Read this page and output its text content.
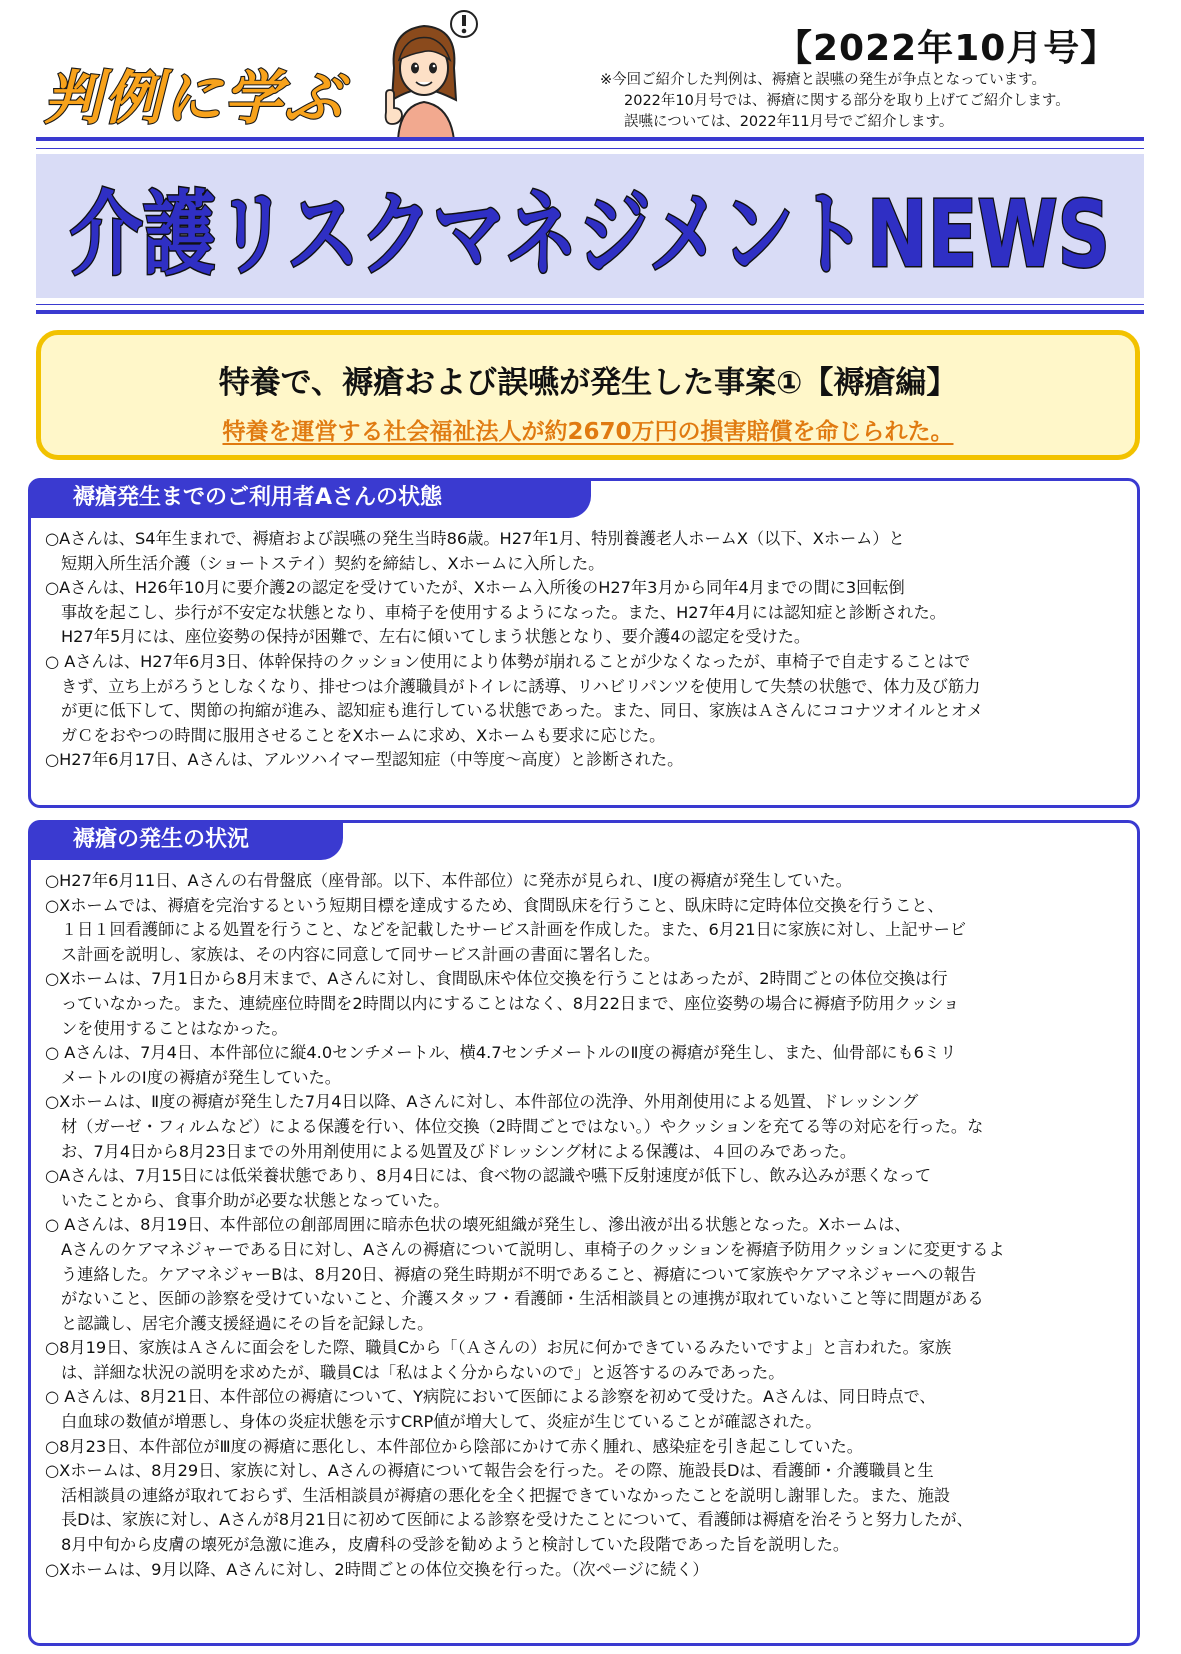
判例に学ぶ
【2022年10月号】
※今回ご紹介した判例は、褥瘡と誤嚥の発生が争点となっています。
2022年10月号では、褥瘡に関する部分を取り上げてご紹介します。
誤嚥については、2022年11月号でご紹介します。
介護リスクマネジメントNEWS
特養で、褥瘡および誤嚥が発生した事案①【褥瘡編】
特養を運営する社会福祉法人が約2670万円の損害賠償を命じられた。
褥瘡発生までのご利用者Aさんの状態
○Aさんは、S4年生まれで、褥瘡および誤嚥の発生当時86歳。H27年1月、特別養護老人ホームX（以下、Xホーム）と
短期入所生活介護（ショートステイ）契約を締結し、Xホームに入所した。
○Aさんは、H26年10月に要介護2の認定を受けていたが、Xホーム入所後のH27年3月から同年4月までの間に3回転倒
事故を起こし、歩行が不安定な状態となり、車椅子を使用するようになった。また、H27年4月には認知症と診断された。
H27年5月には、座位姿勢の保持が困難で、左右に傾いてしまう状態となり、要介護4の認定を受けた。
○ Aさんは、H27年6月3日、体幹保持のクッション使用により体勢が崩れることが少なくなったが、車椅子で自走することはで
きず、立ち上がろうとしなくなり、排せつは介護職員がトイレに誘導、リハビリパンツを使用して失禁の状態で、体力及び筋力
が更に低下して、関節の拘縮が進み、認知症も進行している状態であった。また、同日、家族はＡさんにココナツオイルとオメ
ガＣをおやつの時間に服用させることをXホームに求め、Xホームも要求に応じた。
○H27年6月17日、Aさんは、アルツハイマー型認知症（中等度～高度）と診断された。
褥瘡の発生の状況
○H27年6月11日、Aさんの右骨盤底（座骨部。以下、本件部位）に発赤が見られ、Ⅰ度の褥瘡が発生していた。
○Xホームでは、褥瘡を完治するという短期目標を達成するため、食間臥床を行うこと、臥床時に定時体位交換を行うこと、
１日１回看護師による処置を行うこと、などを記載したサービス計画を作成した。また、6月21日に家族に対し、上記サービ
ス計画を説明し、家族は、その内容に同意して同サービス計画の書面に署名した。
○Xホームは、7月1日から8月末まで、Aさんに対し、食間臥床や体位交換を行うことはあったが、2時間ごとの体位交換は行
っていなかった。また、連続座位時間を2時間以内にすることはなく、8月22日まで、座位姿勢の場合に褥瘡予防用クッショ
ンを使用することはなかった。
○ Aさんは、7月4日、本件部位に縦4.0センチメートル、横4.7センチメートルのⅡ度の褥瘡が発生し、また、仙骨部にも6ミリ
メートルのⅠ度の褥瘡が発生していた。
○Xホームは、Ⅱ度の褥瘡が発生した7月4日以降、Aさんに対し、本件部位の洗浄、外用剤使用による処置、ドレッシング
材（ガーゼ・フィルムなど）による保護を行い、体位交換（2時間ごとではない。）やクッションを充てる等の対応を行った。な
お、7月4日から8月23日までの外用剤使用による処置及びドレッシング材による保護は、４回のみであった。
○Aさんは、7月15日には低栄養状態であり、8月4日には、食べ物の認識や嚥下反射速度が低下し、飲み込みが悪くなって
いたことから、食事介助が必要な状態となっていた。
○ Aさんは、8月19日、本件部位の創部周囲に暗赤色状の壊死組織が発生し、滲出液が出る状態となった。Xホームは、
Aさんのケアマネジャーである日に対し、Aさんの褥瘡について説明し、車椅子のクッションを褥瘡予防用クッションに変更するよ
う連絡した。ケアマネジャーBは、8月20日、褥瘡の発生時期が不明であること、褥瘡について家族やケアマネジャーへの報告
がないこと、医師の診察を受けていないこと、介護スタッフ・看護師・生活相談員との連携が取れていないこと等に問題がある
と認識し、居宅介護支援経過にその旨を記録した。
○8月19日、家族はＡさんに面会をした際、職員Cから「（Ａさんの）お尻に何かできているみたいですよ」と言われた。家族
は、詳細な状況の説明を求めたが、職員Cは「私はよく分からないので」と返答するのみであった。
○ Aさんは、8月21日、本件部位の褥瘡について、Y病院において医師による診察を初めて受けた。Aさんは、同日時点で、
白血球の数値が増悪し、身体の炎症状態を示すCRP値が増大して、炎症が生じていることが確認された。
○8月23日、本件部位がⅢ度の褥瘡に悪化し、本件部位から陰部にかけて赤く腫れ、感染症を引き起こしていた。
○Xホームは、8月29日、家族に対し、Aさんの褥瘡について報告会を行った。その際、施設長Dは、看護師・介護職員と生
活相談員の連絡が取れておらず、生活相談員が褥瘡の悪化を全く把握できていなかったことを説明し謝罪した。また、施設
長Dは、家族に対し、Aさんが8月21日に初めて医師による診察を受けたことについて、看護師は褥瘡を治そうと努力したが、
8月中旬から皮膚の壊死が急激に進み，皮膚科の受診を勧めようと検討していた段階であった旨を説明した。
○Xホームは、9月以降、Aさんに対し、2時間ごとの体位交換を行った。（次ページに続く）
